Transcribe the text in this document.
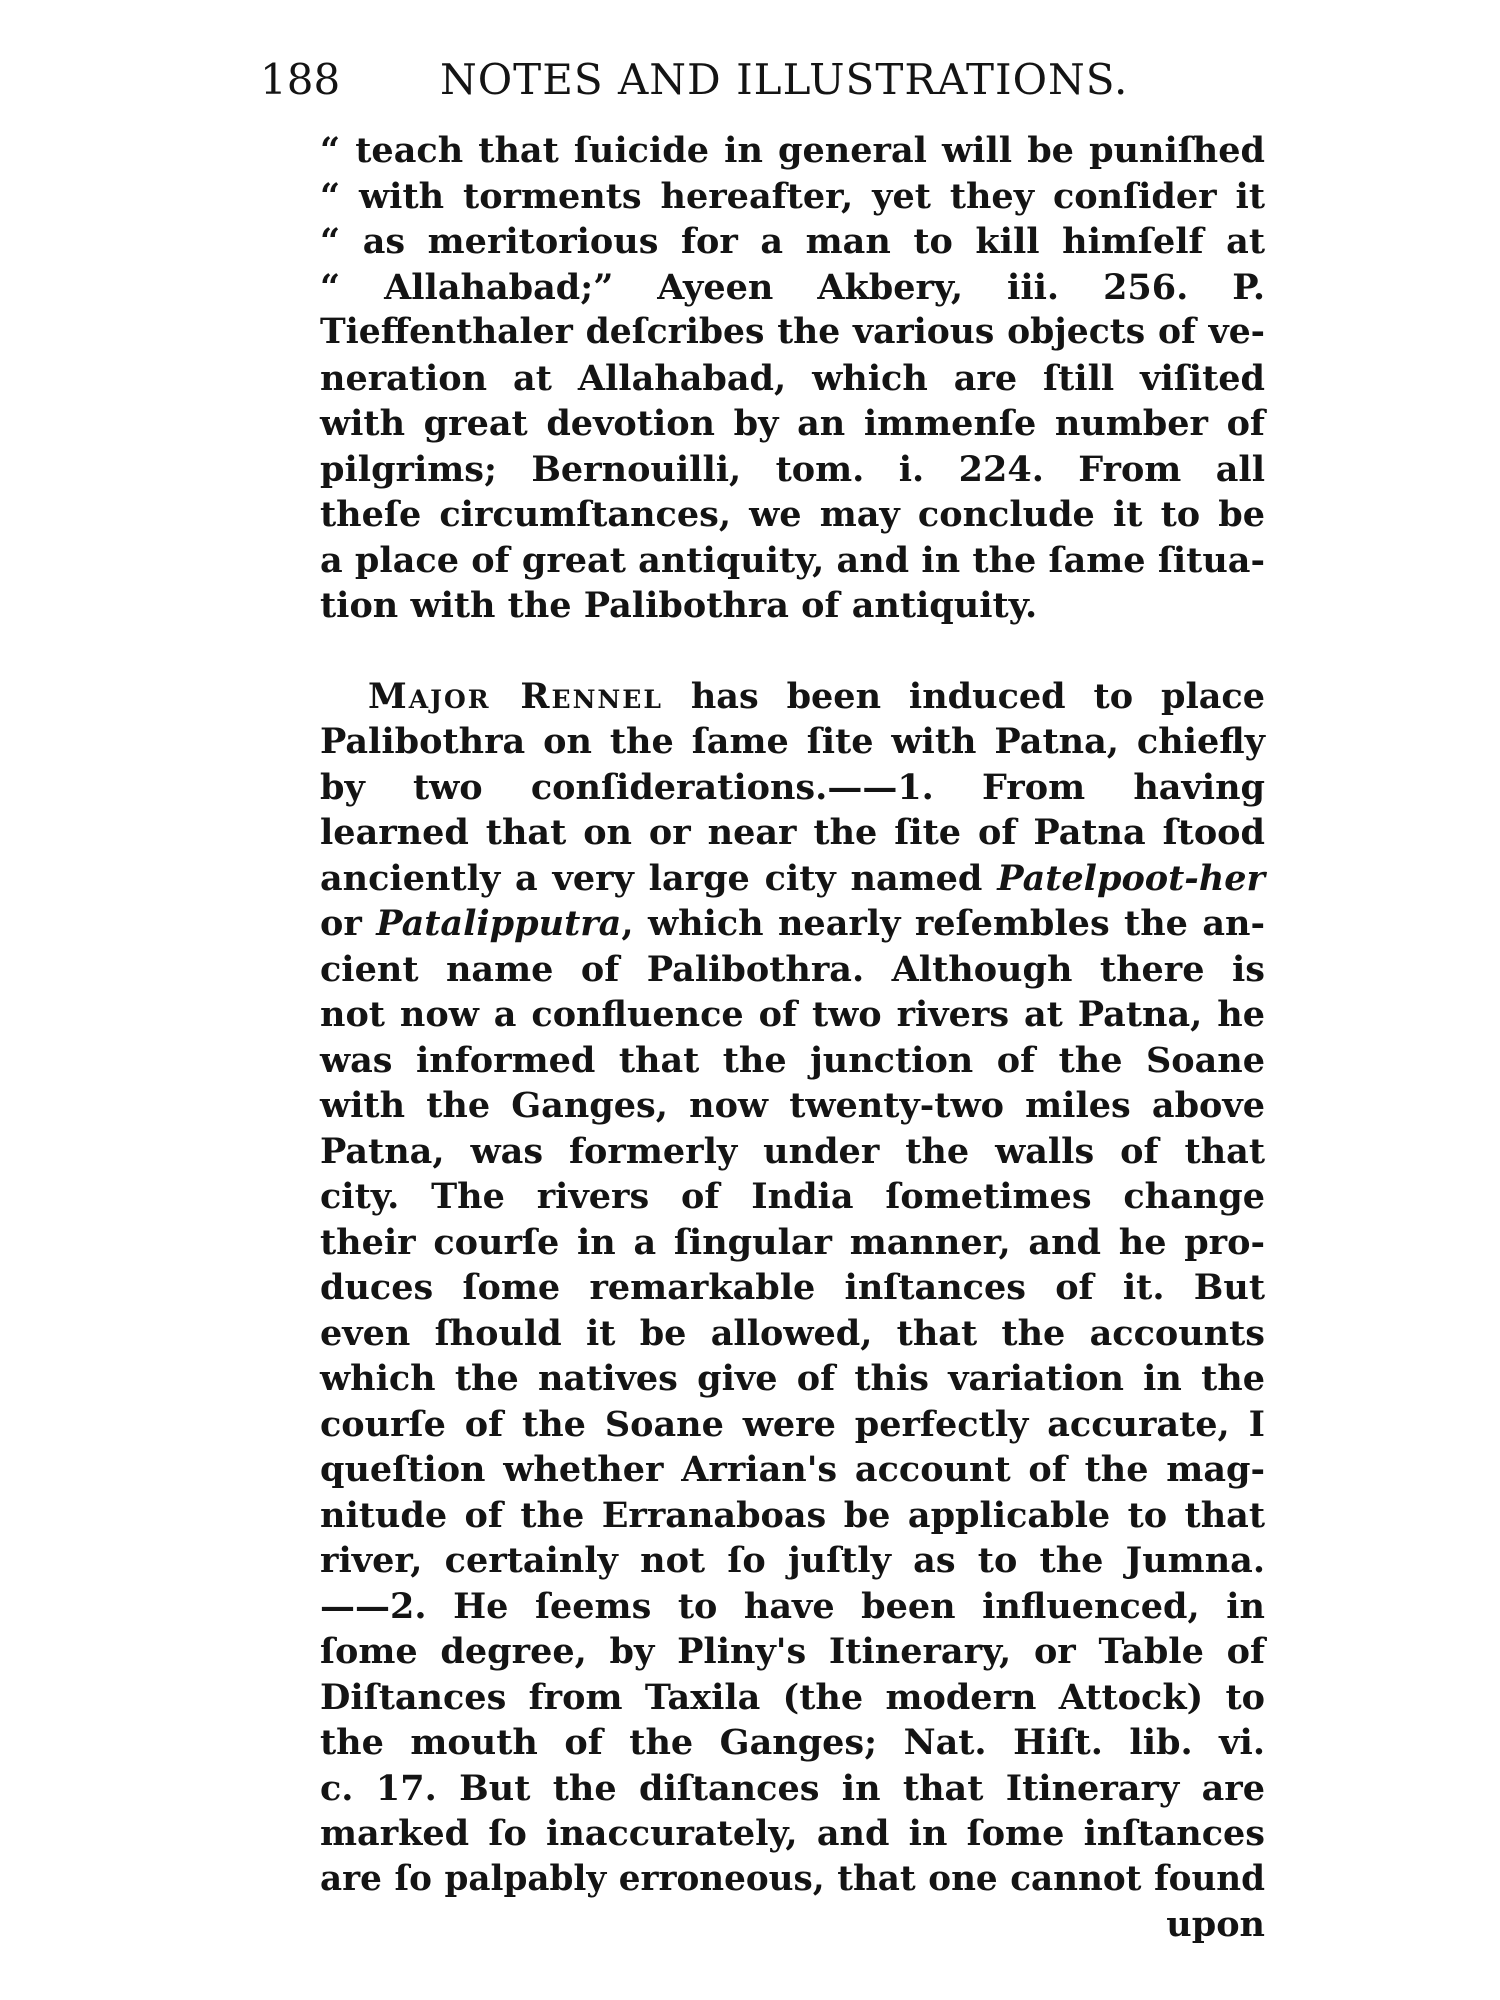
188 NOTES AND ILLUSTRATIONS.
“ teach that ſuicide in general will be puniſhed
“ with torments hereafter, yet they conſider it
“ as meritorious for a man to kill himſelf at
“ Allahabad;” Ayeen Akbery, iii. 256. P.
Tieffenthaler deſcribes the various objects of ve-
neration at Allahabad, which are ſtill viſited
with great devotion by an immenſe number of
pilgrims; Bernouilli, tom. i. 224. From all
theſe circumſtances, we may conclude it to be
a place of great antiquity, and in the ſame ſitua-
tion with the Palibothra of antiquity.
Major Rennel has been induced to place
Palibothra on the ſame ſite with Patna, chiefly
by two conſiderations.——1. From having
learned that on or near the ſite of Patna ſtood
anciently a very large city named Patelpoot-her
or Patalipputra, which nearly reſembles the an-
cient name of Palibothra. Although there is
not now a confluence of two rivers at Patna, he
was informed that the junction of the Soane
with the Ganges, now twenty-two miles above
Patna, was formerly under the walls of that
city. The rivers of India ſometimes change
their courſe in a ſingular manner, and he pro-
duces ſome remarkable inſtances of it. But
even ſhould it be allowed, that the accounts
which the natives give of this variation in the
courſe of the Soane were perfectly accurate, I
queſtion whether Arrian's account of the mag-
nitude of the Erranaboas be applicable to that
river, certainly not ſo juſtly as to the Jumna.
——2. He ſeems to have been influenced, in
ſome degree, by Pliny's Itinerary, or Table of
Diſtances from Taxila (the modern Attock) to
the mouth of the Ganges; Nat. Hiſt. lib. vi.
c. 17. But the diſtances in that Itinerary are
marked ſo inaccurately, and in ſome inſtances
are ſo palpably erroneous, that one cannot found
upon
